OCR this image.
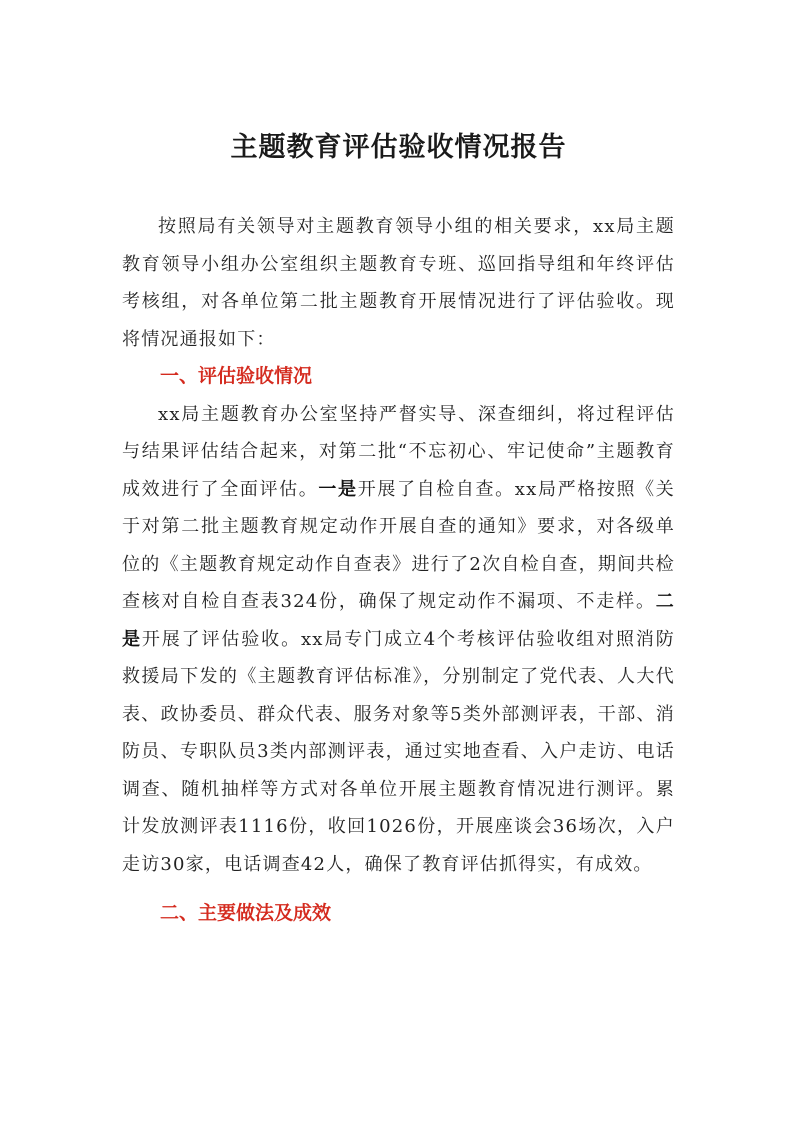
主题教育评估验收情况报告

按照局有关领导对主题教育领导小组的相关要求，xx局主题教育领导小组办公室组织主题教育专班、巡回指导组和年终评估考核组，对各单位第二批主题教育开展情况进行了评估验收。现将情况通报如下：

一、评估验收情况

xx局主题教育办公室坚持严督实导、深查细纠，将过程评估与结果评估结合起来，对第二批“不忘初心、牢记使命”主题教育成效进行了全面评估。一是开展了自检自查。xx局严格按照《关于对第二批主题教育规定动作开展自查的通知》要求，对各级单位的《主题教育规定动作自查表》进行了2次自检自查，期间共检查核对自检自查表324份，确保了规定动作不漏项、不走样。二是开展了评估验收。xx局专门成立4个考核评估验收组对照消防救援局下发的《主题教育评估标准》，分别制定了党代表、人大代表、政协委员、群众代表、服务对象等5类外部测评表，干部、消防员、专职队员3类内部测评表，通过实地查看、入户走访、电话调查、随机抽样等方式对各单位开展主题教育情况进行测评。累计发放测评表1116份，收回1026份，开展座谈会36场次，入户走访30家，电话调查42人，确保了教育评估抓得实，有成效。

二、主要做法及成效
